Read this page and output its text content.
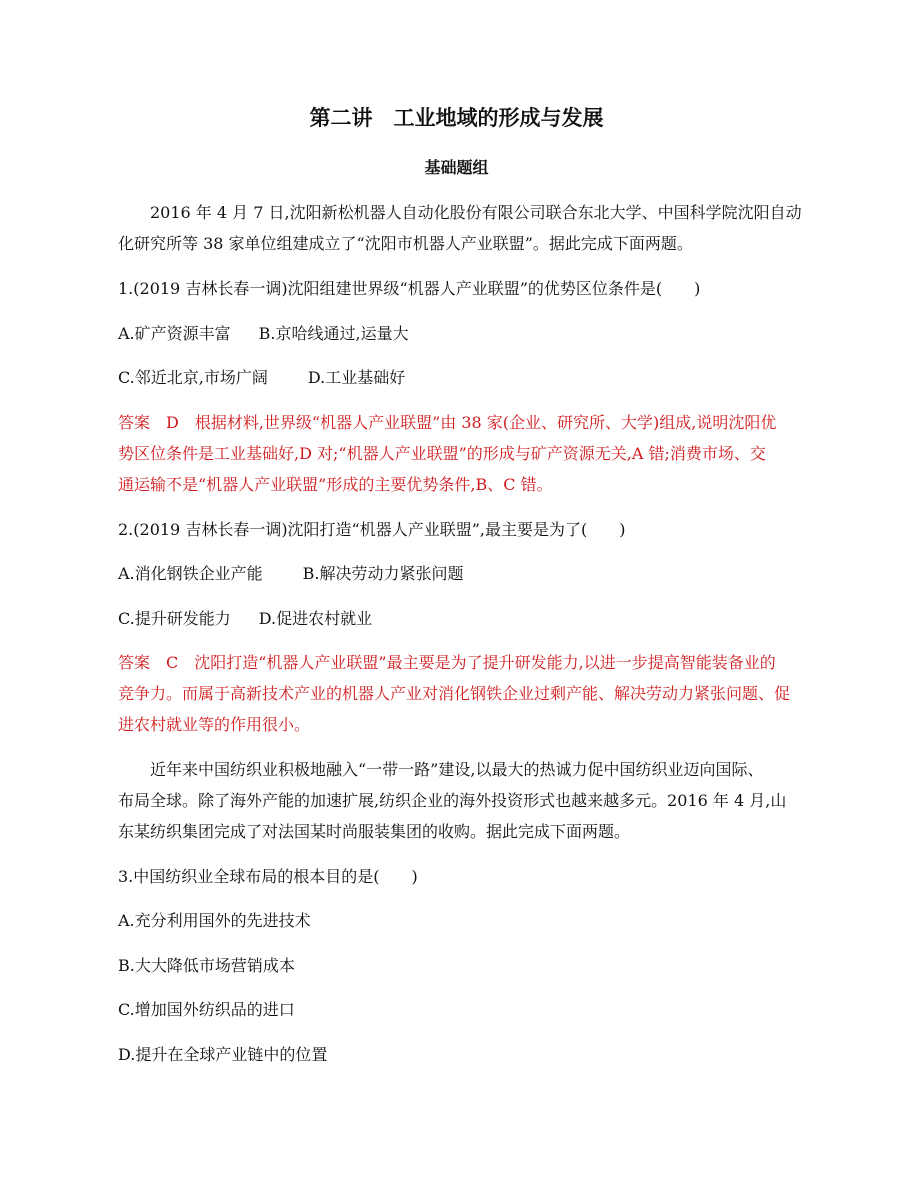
第二讲　工业地域的形成与发展
基础题组
2016 年 4 月 7 日,沈阳新松机器人自动化股份有限公司联合东北大学、中国科学院沈阳自动
化研究所等 38 家单位组建成立了“沈阳市机器人产业联盟”。据此完成下面两题。
1.(2019 吉林长春一调)沈阳组建世界级“机器人产业联盟”的优势区位条件是(　　)
A.矿产资源丰富 B.京哈线通过,运量大
C.邻近北京,市场广阔	D.工业基础好
答案　D　根据材料,世界级“机器人产业联盟”由 38 家(企业、研究所、大学)组成,说明沈阳优
势区位条件是工业基础好,D 对;“机器人产业联盟”的形成与矿产资源无关,A 错;消费市场、交
通运输不是“机器人产业联盟”形成的主要优势条件,B、C 错。
2.(2019 吉林长春一调)沈阳打造“机器人产业联盟”,最主要是为了(　　)
A.消化钢铁企业产能	B.解决劳动力紧张问题
C.提升研发能力 D.促进农村就业
答案　C　沈阳打造“机器人产业联盟”最主要是为了提升研发能力,以进一步提高智能装备业的
竞争力。而属于高新技术产业的机器人产业对消化钢铁企业过剩产能、解决劳动力紧张问题、促
进农村就业等的作用很小。
近年来中国纺织业积极地融入“一带一路”建设,以最大的热诚力促中国纺织业迈向国际、
布局全球。除了海外产能的加速扩展,纺织企业的海外投资形式也越来越多元。2016 年 4 月,山
东某纺织集团完成了对法国某时尚服装集团的收购。据此完成下面两题。
3.中国纺织业全球布局的根本目的是(　　)
A.充分利用国外的先进技术
B.大大降低市场营销成本
C.增加国外纺织品的进口
D.提升在全球产业链中的位置
